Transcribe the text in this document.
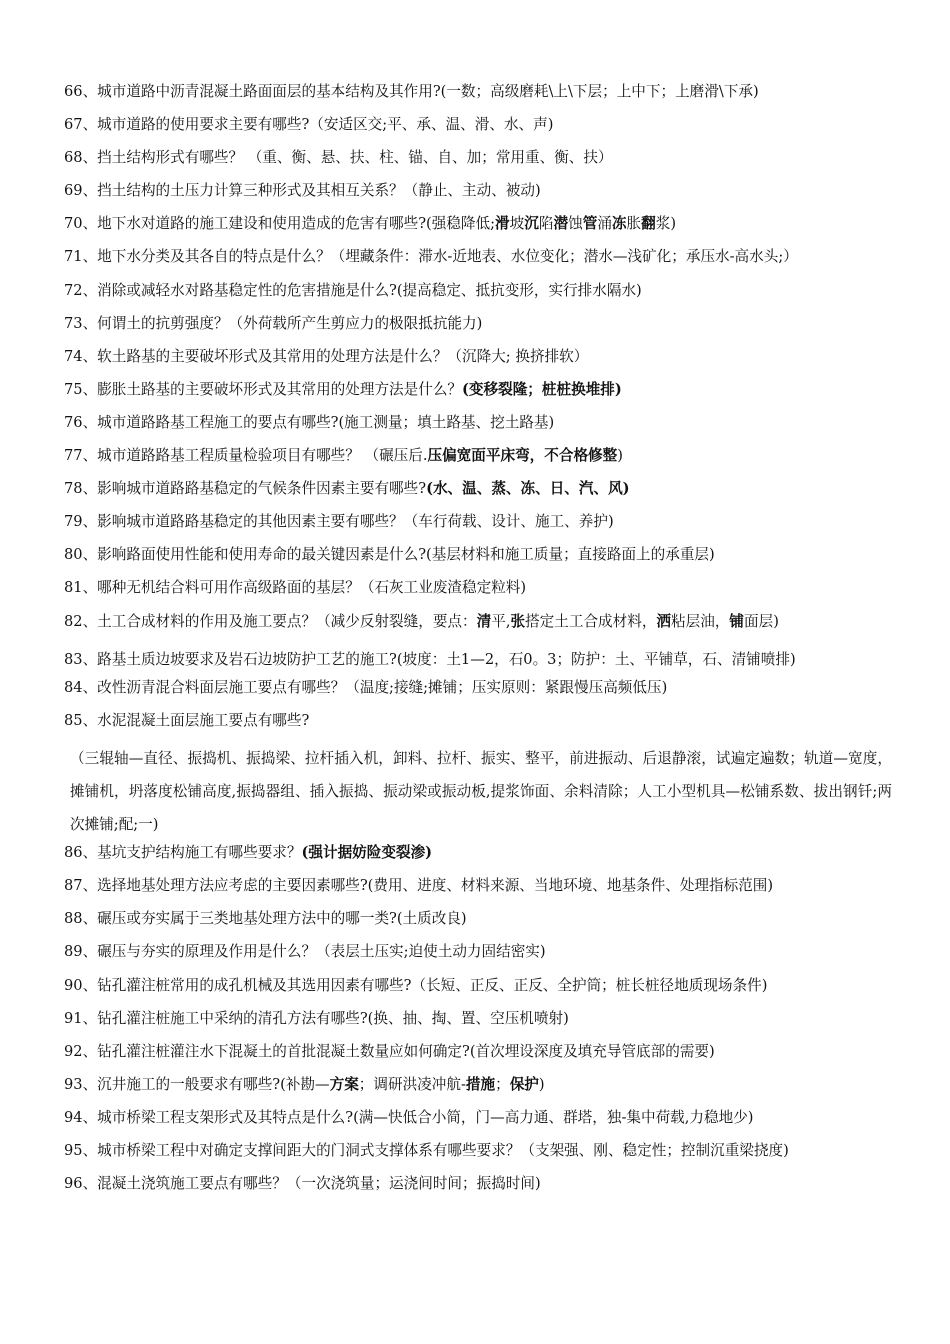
66、城市道路中沥青混凝土路面面层的基本结构及其作用?(一数；高级磨耗\上\下层；上中下；上磨滑\下承)
67、城市道路的使用要求主要有哪些?（安适区交;平、承、温、滑、水、声)
68、挡土结构形式有哪些？ （重、衡、悬、扶、柱、锚、自、加；常用重、衡、扶）
69、挡土结构的土压力计算三种形式及其相互关系？（静止、主动、被动)
70、地下水对道路的施工建设和使用造成的危害有哪些?(强稳降低;滑坡沉陷潜蚀管涌冻胀翻浆)
71、地下水分类及其各自的特点是什么？（埋藏条件：滞水-近地表、水位变化；潜水—浅矿化；承压水-高水头;）
72、消除或减轻水对路基稳定性的危害措施是什么?(提高稳定、抵抗变形，实行排水隔水)
73、何谓土的抗剪强度？（外荷载所产生剪应力的极限抵抗能力)
74、软土路基的主要破坏形式及其常用的处理方法是什么？（沉降大; 换挤排软）
75、膨胀土路基的主要破坏形式及其常用的处理方法是什么？(变移裂隆；桩桩换堆排)
76、城市道路路基工程施工的要点有哪些?(施工测量；填土路基、挖土路基)
77、城市道路路基工程质量检验项目有哪些？ （碾压后.压偏宽面平床弯，不合格修整)
78、影响城市道路路基稳定的气候条件因素主要有哪些?(水、温、蒸、冻、日、汽、风)
79、影响城市道路路基稳定的其他因素主要有哪些？（车行荷载、设计、施工、养护)
80、影响路面使用性能和使用寿命的最关键因素是什么?(基层材料和施工质量；直接路面上的承重层)
81、哪种无机结合料可用作高级路面的基层？（石灰工业废渣稳定粒料)
82、土工合成材料的作用及施工要点？（减少反射裂缝，要点：清平,张搭定土工合成材料，洒粘层油，铺面层)
83、路基土质边坡要求及岩石边坡防护工艺的施工?(坡度：土1—2，石0。3；防护：土、平铺草，石、清铺喷排)
84、改性沥青混合料面层施工要点有哪些？（温度;接缝;摊铺；压实原则：紧跟慢压高频低压)
85、水泥混凝土面层施工要点有哪些?
（三辊轴—直径、振捣机、振捣梁、拉杆插入机，卸料、拉杆、振实、整平，前进振动、后退静滚，试遍定遍数；轨道—宽度，摊铺机，坍落度松铺高度,振捣器组、插入振捣、振动梁或振动板,提浆饰面、余料清除；人工小型机具—松铺系数、拔出钢钎;两次摊铺;配;一)
86、基坑支护结构施工有哪些要求？(强计据妨险变裂渗)
87、选择地基处理方法应考虑的主要因素哪些?(费用、进度、材料来源、当地环境、地基条件、处理指标范围)
88、碾压或夯实属于三类地基处理方法中的哪一类?(土质改良)
89、碾压与夯实的原理及作用是什么？（表层土压实;迫使土动力固结密实)
90、钻孔灌注桩常用的成孔机械及其选用因素有哪些?（长短、正反、正反、全护筒；桩长桩径地质现场条件)
91、钻孔灌注桩施工中采纳的清孔方法有哪些?(换、抽、掏、置、空压机喷射)
92、钻孔灌注桩灌注水下混凝土的首批混凝土数量应如何确定?(首次埋设深度及填充导管底部的需要)
93、沉井施工的一般要求有哪些?(补勘—方案；调研洪凌冲航-措施；保护)
94、城市桥梁工程支架形式及其特点是什么?(满—快低合小简，门—高力通、群塔，独-集中荷载,力稳地少)
95、城市桥梁工程中对确定支撑间距大的门洞式支撑体系有哪些要求？（支架强、刚、稳定性；控制沉重梁挠度)
96、混凝土浇筑施工要点有哪些？（一次浇筑量；运浇间时间；振捣时间)
